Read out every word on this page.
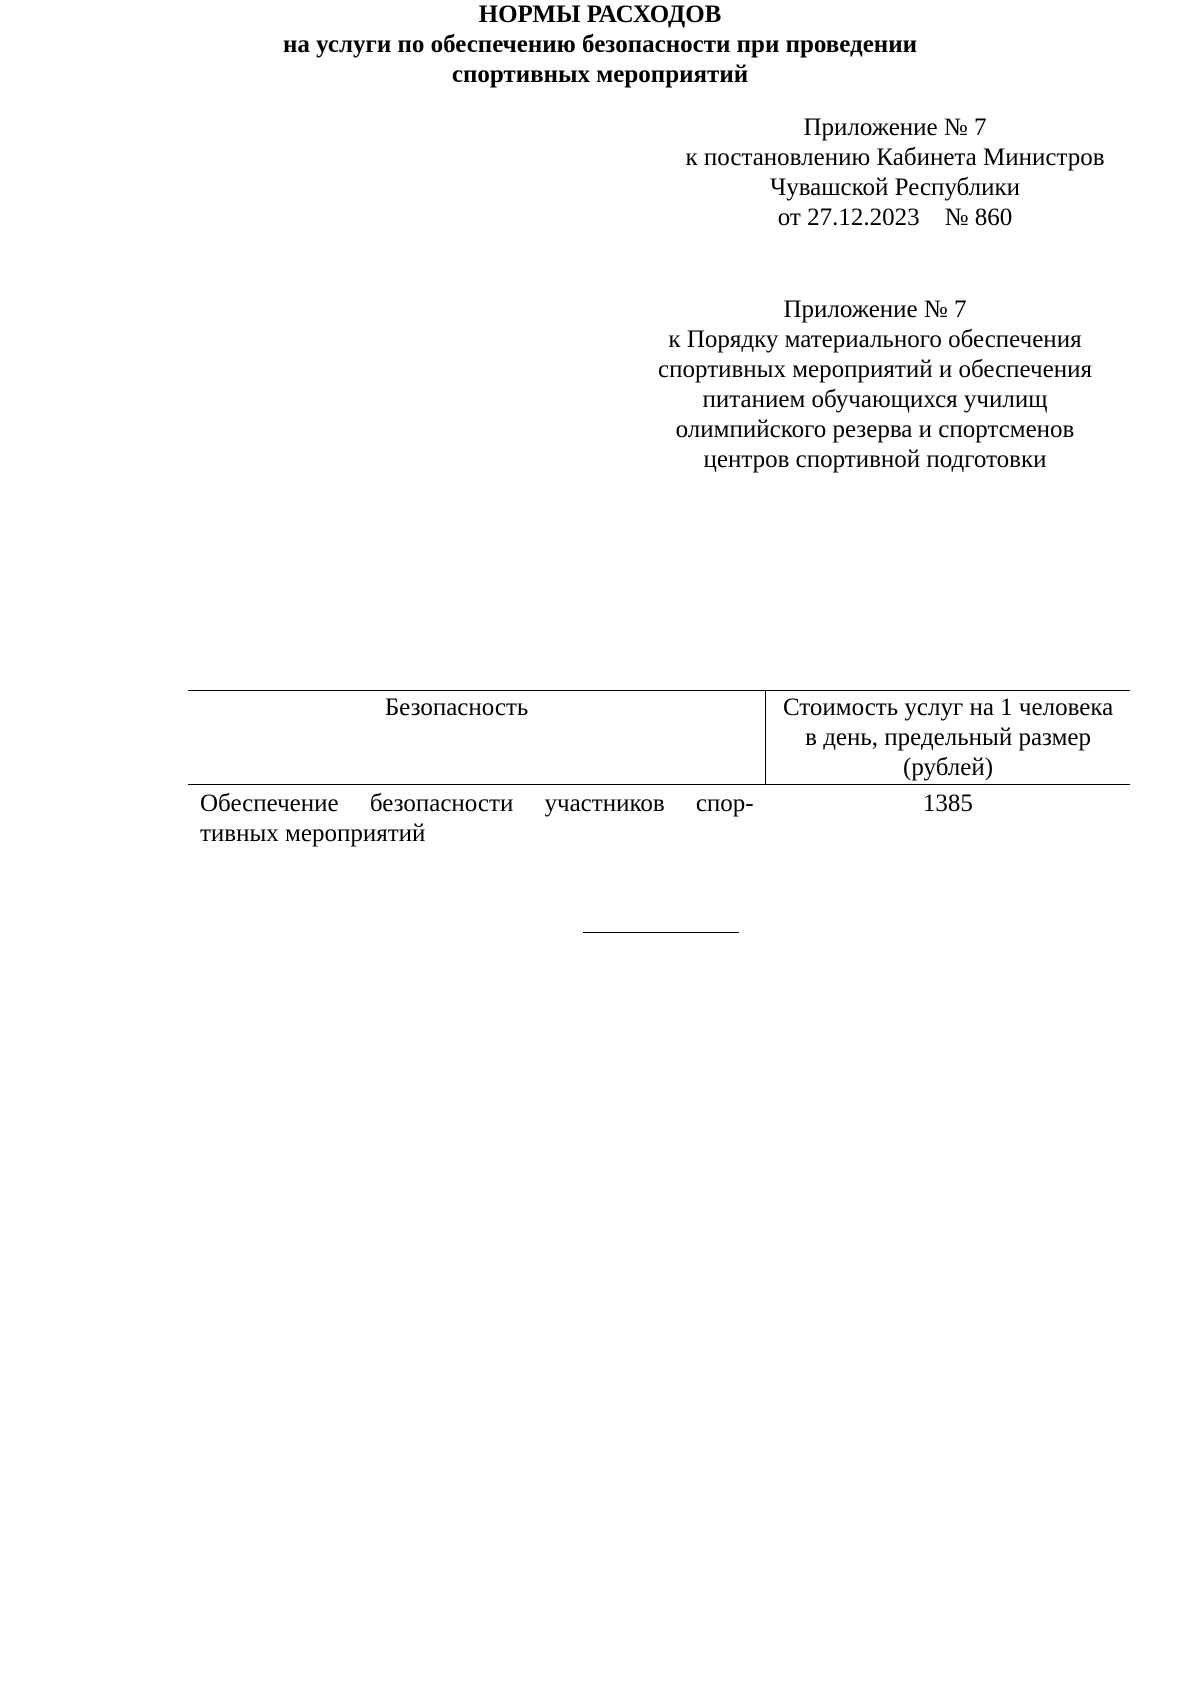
Приложение № 7
к постановлению Кабинета Министров
Чувашской Республики
от 27.12.2023    № 860
Приложение № 7
к Порядку материального обеспечения
спортивных мероприятий и обеспечения
питанием обучающихся училищ
олимпийского резерва и спортсменов
центров спортивной подготовки
НОРМЫ РАСХОДОВ
на услуги по обеспечению безопасности при проведении
спортивных мероприятий
Безопасность	Стоимость услуг на 1 человека
в день, предельный размер
(рублей)

Обеспечение безопасности участников спор-
тивных мероприятий	1385
